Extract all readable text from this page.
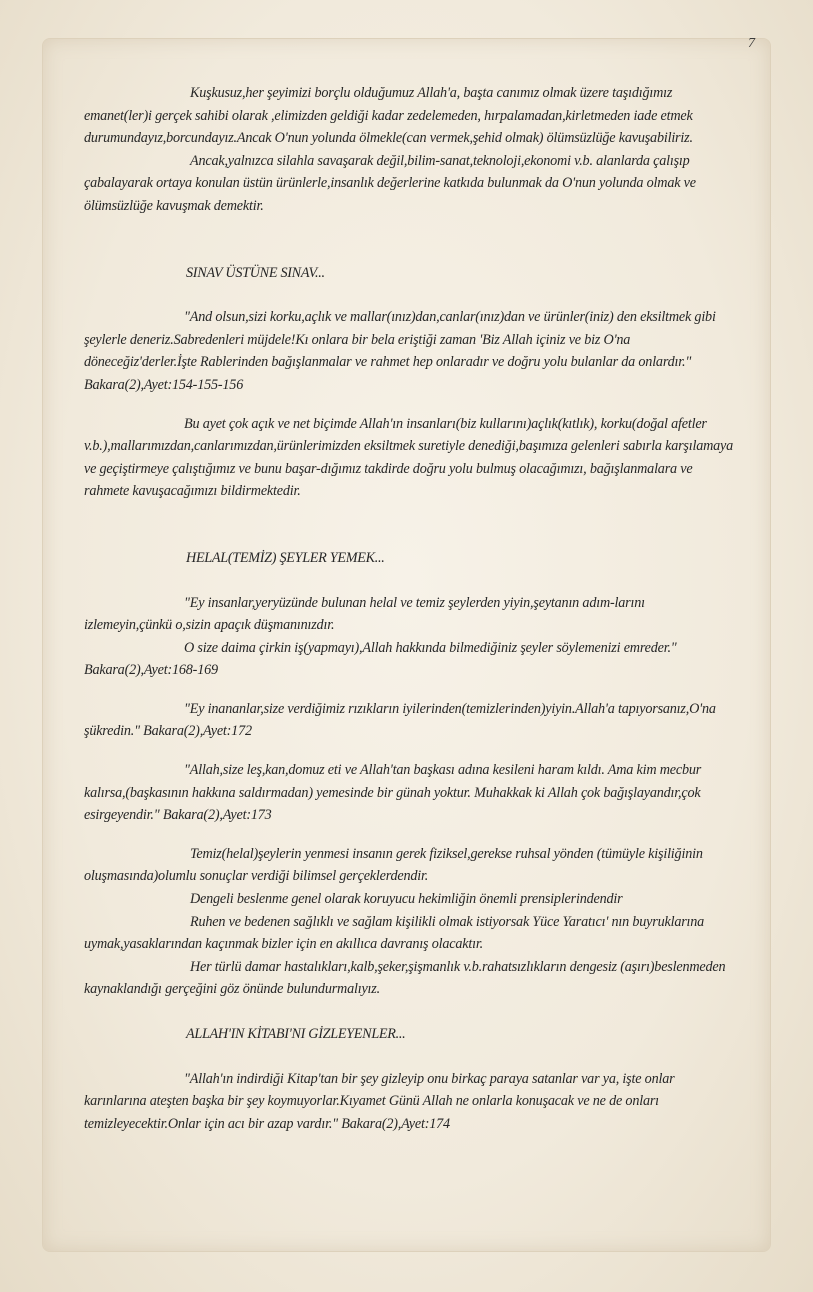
7

Kuşkusuz,her şeyimizi borçlu olduğumuz Allah'a, başta canımız olmak üzere taşıdığımız emanet(ler)i gerçek sahibi olarak ,elimizden geldiği kadar zedelemeden, hırpalamadan,kirletmeden iade etmek durumundayız,borcundayız.Ancak O'nun yolunda ölmekle(can vermek,şehid olmak) ölümsüzlüğe kavuşabiliriz.

Ancak,yalnızca silahla savaşarak değil,bilim-sanat,teknoloji,ekonomi v.b. alanlarda çalışıp çabalayarak ortaya konulan üstün ürünlerle,insanlık değerlerine katkıda bulunmak da O'nun yolunda olmak ve ölümsüzlüğe kavuşmak demektir.

SINAV ÜSTÜNE SINAV...

"And olsun,sizi korku,açlık ve mallar(ınız)dan,canlar(ınız)dan ve ürünler(iniz) den eksiltmek gibi şeylerle deneriz.Sabredenleri müjdele!Kı onlara bir bela eriştiği zaman 'Biz Allah içiniz ve biz O'na döneceğiz'derler.İşte Rablerinden bağışlanmalar ve rahmet hep onlaradır ve doğru yolu bulanlar da onlardır." Bakara(2),Ayet:154-155-156

Bu ayet çok açık ve net biçimde Allah'ın insanları(biz kullarını)açlık(kıtlık), korku(doğal afetler v.b.),mallarımızdan,canlarımızdan,ürünlerimizden eksiltmek suretiyle denediği,başımıza gelenleri sabırla karşılamaya ve geçiştirmeye çalıştığımız ve bunu başar-dığımız takdirde doğru yolu bulmuş olacağımızı, bağışlanmalara ve rahmete kavuşacağımızı bildirmektedir.

HELAL(TEMİZ) ŞEYLER YEMEK...

"Ey insanlar,yeryüzünde bulunan helal ve temiz şeylerden yiyin,şeytanın adım-larını izlemeyin,çünkü o,sizin apaçık düşmanınızdır.

O size daima çirkin iş(yapmayı),Allah hakkında bilmediğiniz şeyler söylemenizi emreder." Bakara(2),Ayet:168-169

"Ey inananlar,size verdiğimiz rızıkların iyilerinden(temizlerinden)yiyin.Allah'a tapıyorsanız,O'na şükredin." Bakara(2),Ayet:172

"Allah,size leş,kan,domuz eti ve Allah'tan başkası adına kesileni haram kıldı. Ama kim mecbur kalırsa,(başkasının hakkına saldırmadan) yemesinde bir günah yoktur. Muhakkak ki Allah çok bağışlayandır,çok esirgeyendir." Bakara(2),Ayet:173

Temiz(helal)şeylerin yenmesi insanın gerek fiziksel,gerekse ruhsal yönden (tümüyle kişiliğinin oluşmasında)olumlu sonuçlar verdiği bilimsel gerçeklerdendir.

Dengeli beslenme genel olarak koruyucu hekimliğin önemli prensiplerindendir

Ruhen ve bedenen sağlıklı ve sağlam kişilikli olmak istiyorsak Yüce Yaratıcı' nın buyruklarına uymak,yasaklarından kaçınmak bizler için en akıllıca davranış olacaktır.

Her türlü damar hastalıkları,kalb,şeker,şişmanlık v.b.rahatsızlıkların dengesiz (aşırı)beslenmeden kaynaklandığı gerçeğini göz önünde bulundurmalıyız.

ALLAH'IN KİTABI'NI GİZLEYENLER...

"Allah'ın indirdiği Kitap'tan bir şey gizleyip onu birkaç paraya satanlar var ya, işte onlar karınlarına ateşten başka bir şey koymuyorlar.Kıyamet Günü Allah ne onlarla konuşacak ve ne de onları temizleyecektir.Onlar için acı bir azap vardır." Bakara(2),Ayet:174
